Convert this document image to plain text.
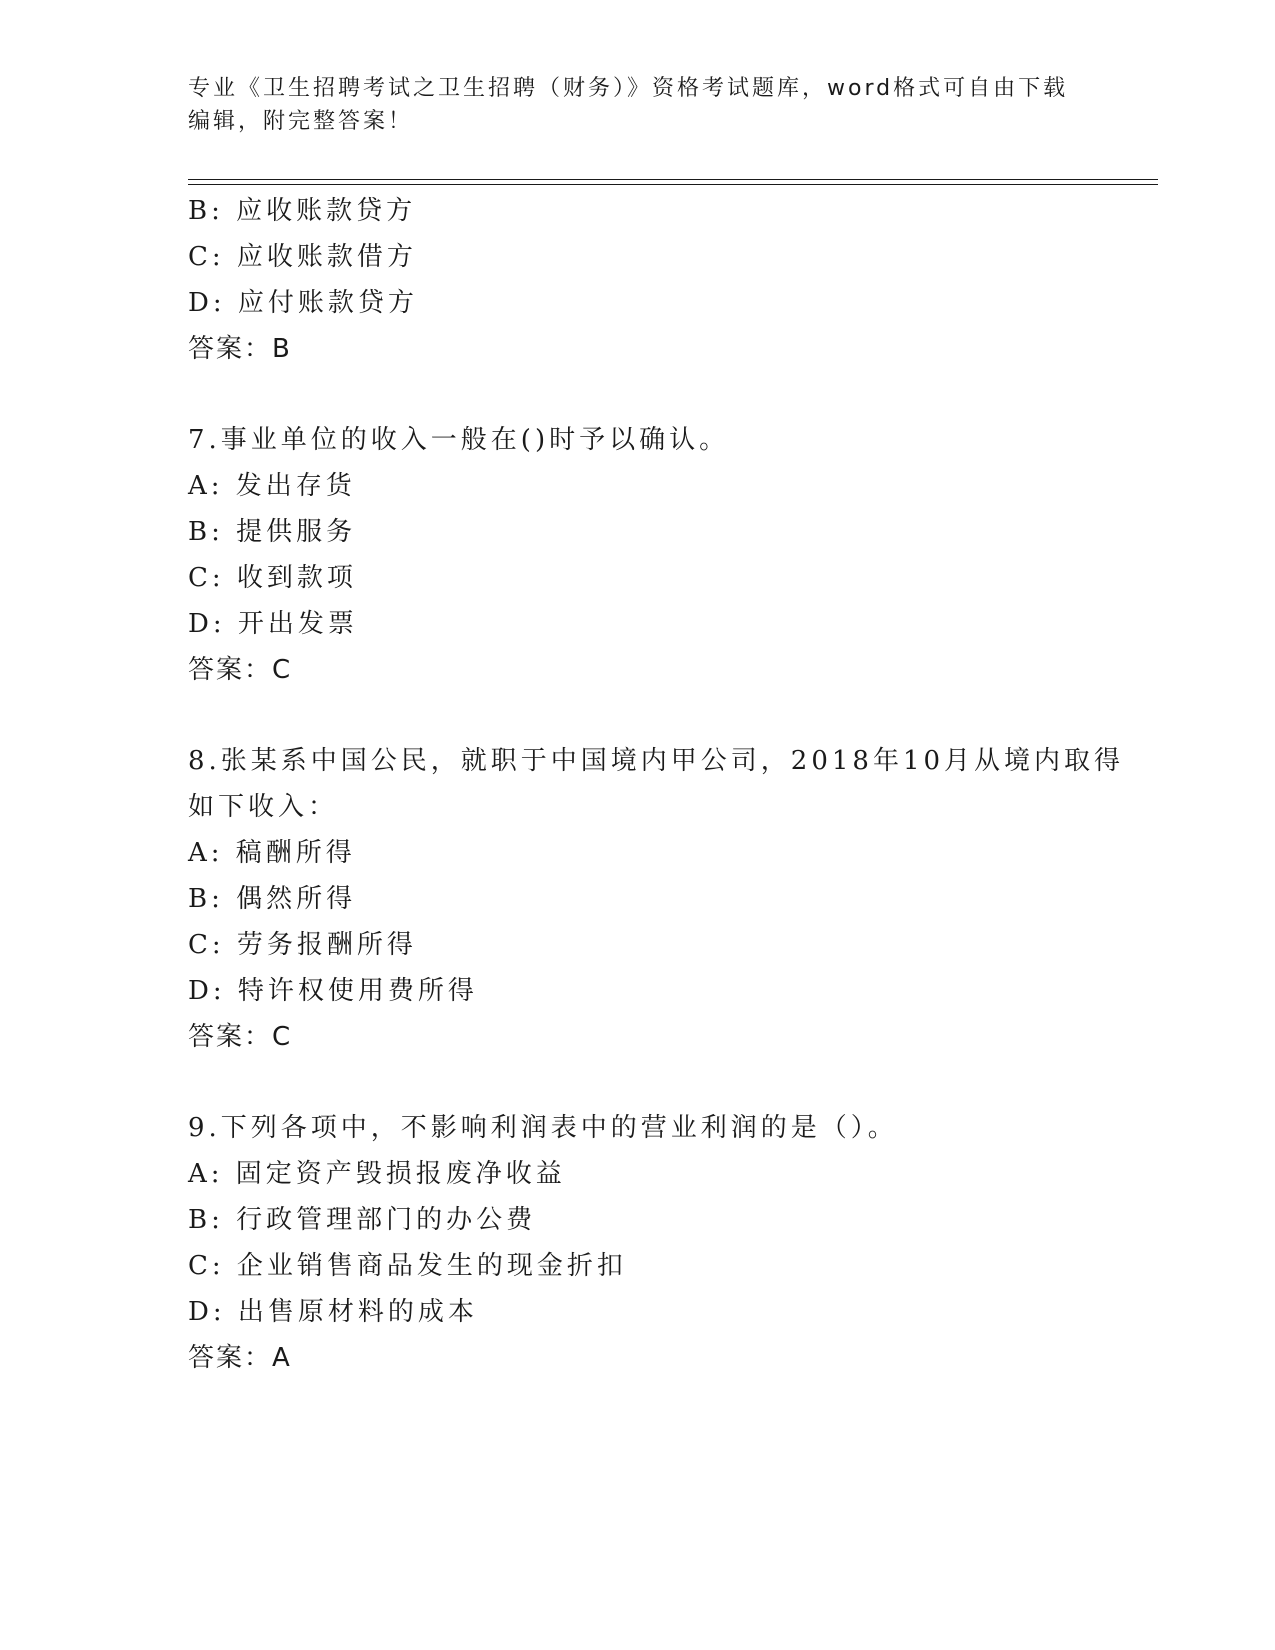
专业《卫生招聘考试之卫生招聘（财务）》资格考试题库，word格式可自由下载
编辑，附完整答案！
B: 应收账款贷方
C: 应收账款借方
D: 应付账款贷方
答案：B
7.事业单位的收入一般在()时予以确认。
A: 发出存货
B: 提供服务
C: 收到款项
D: 开出发票
答案：C
8.张某系中国公民，就职于中国境内甲公司，2018年10月从境内取得
如下收入：
A: 稿酬所得
B: 偶然所得
C: 劳务报酬所得
D: 特许权使用费所得
答案：C
9.下列各项中，不影响利润表中的营业利润的是（）。
A: 固定资产毁损报废净收益
B: 行政管理部门的办公费
C: 企业销售商品发生的现金折扣
D: 出售原材料的成本
答案：A
